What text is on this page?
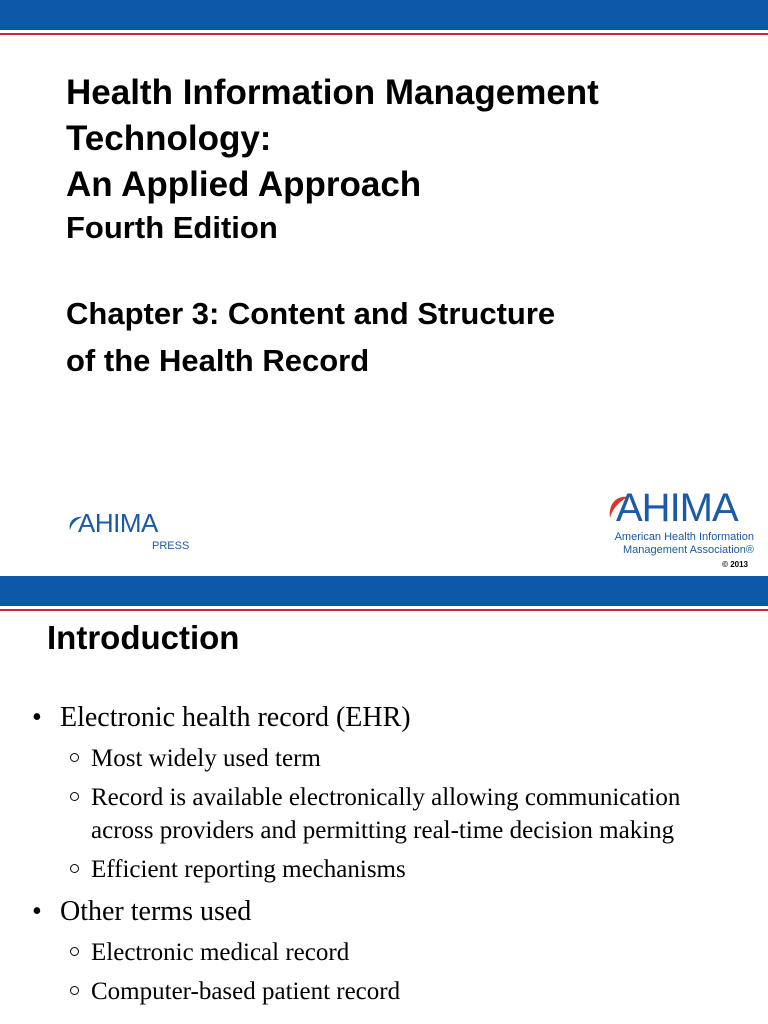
Health Information Management
Technology:
An Applied Approach
Fourth Edition
Chapter 3: Content and Structure
of the Health Record
AHIMA
PRESS
AHIMA
American Health Information
Management Association®
© 2013
Introduction
• Electronic health record (EHR)
Most widely used term
Record is available electronically allowing communication across providers and permitting real-time decision making
Efficient reporting mechanisms
• Other terms used
Electronic medical record
Computer-based patient record
